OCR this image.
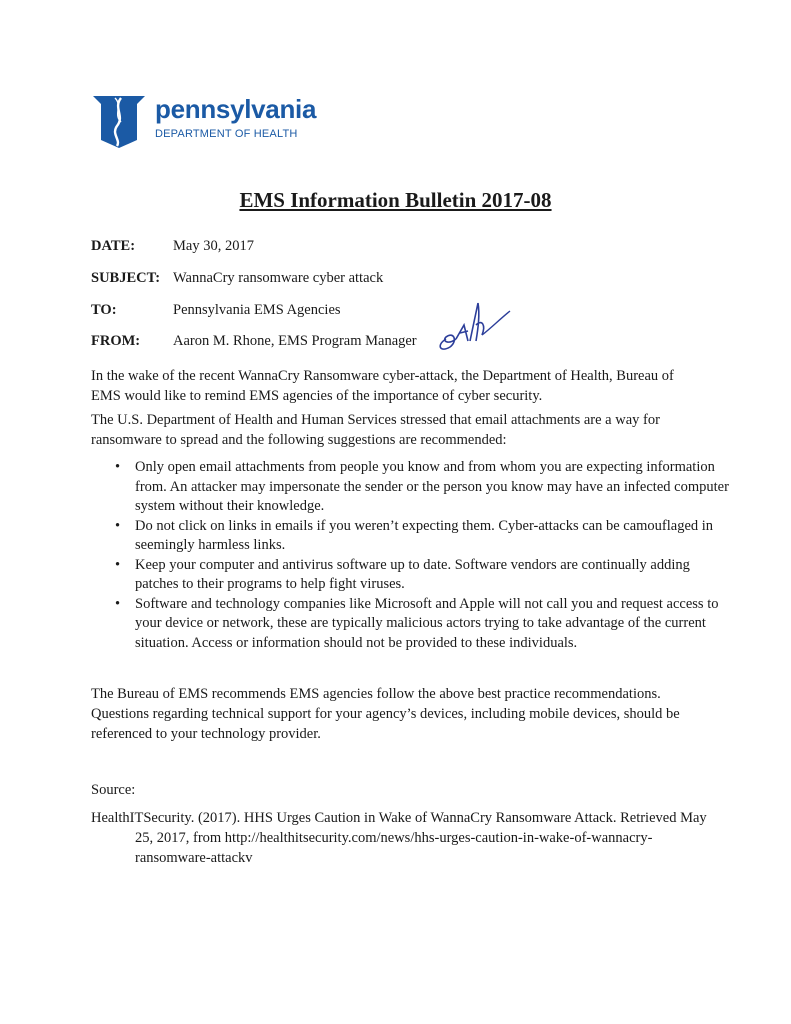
pennsylvania
DEPARTMENT OF HEALTH
EMS Information Bulletin 2017-08
DATE:	May 30, 2017
SUBJECT: WannaCry ransomware cyber attack
TO:	Pennsylvania EMS Agencies
FROM: Aaron M. Rhone, EMS Program Manager

In the wake of the recent WannaCry Ransomware cyber-attack, the Department of Health, Bureau of EMS would like to remind EMS agencies of the importance of cyber security.

The U.S. Department of Health and Human Services stressed that email attachments are a way for ransomware to spread and the following suggestions are recommended:

• Only open email attachments from people you know and from whom you are expecting information from. An attacker may impersonate the sender or the person you know may have an infected computer system without their knowledge.
• Do not click on links in emails if you weren’t expecting them. Cyber-attacks can be camouflaged in seemingly harmless links.
• Keep your computer and antivirus software up to date. Software vendors are continually adding patches to their programs to help fight viruses.
• Software and technology companies like Microsoft and Apple will not call you and request access to your device or network, these are typically malicious actors trying to take advantage of the current situation. Access or information should not be provided to these individuals.

The Bureau of EMS recommends EMS agencies follow the above best practice recommendations. Questions regarding technical support for your agency’s devices, including mobile devices, should be referenced to your technology provider.

Source:

HealthITSecurity. (2017). HHS Urges Caution in Wake of WannaCry Ransomware Attack. Retrieved May 25, 2017, from http://healthitsecurity.com/news/hhs-urges-caution-in-wake-of-wannacry-ransomware-attackv
